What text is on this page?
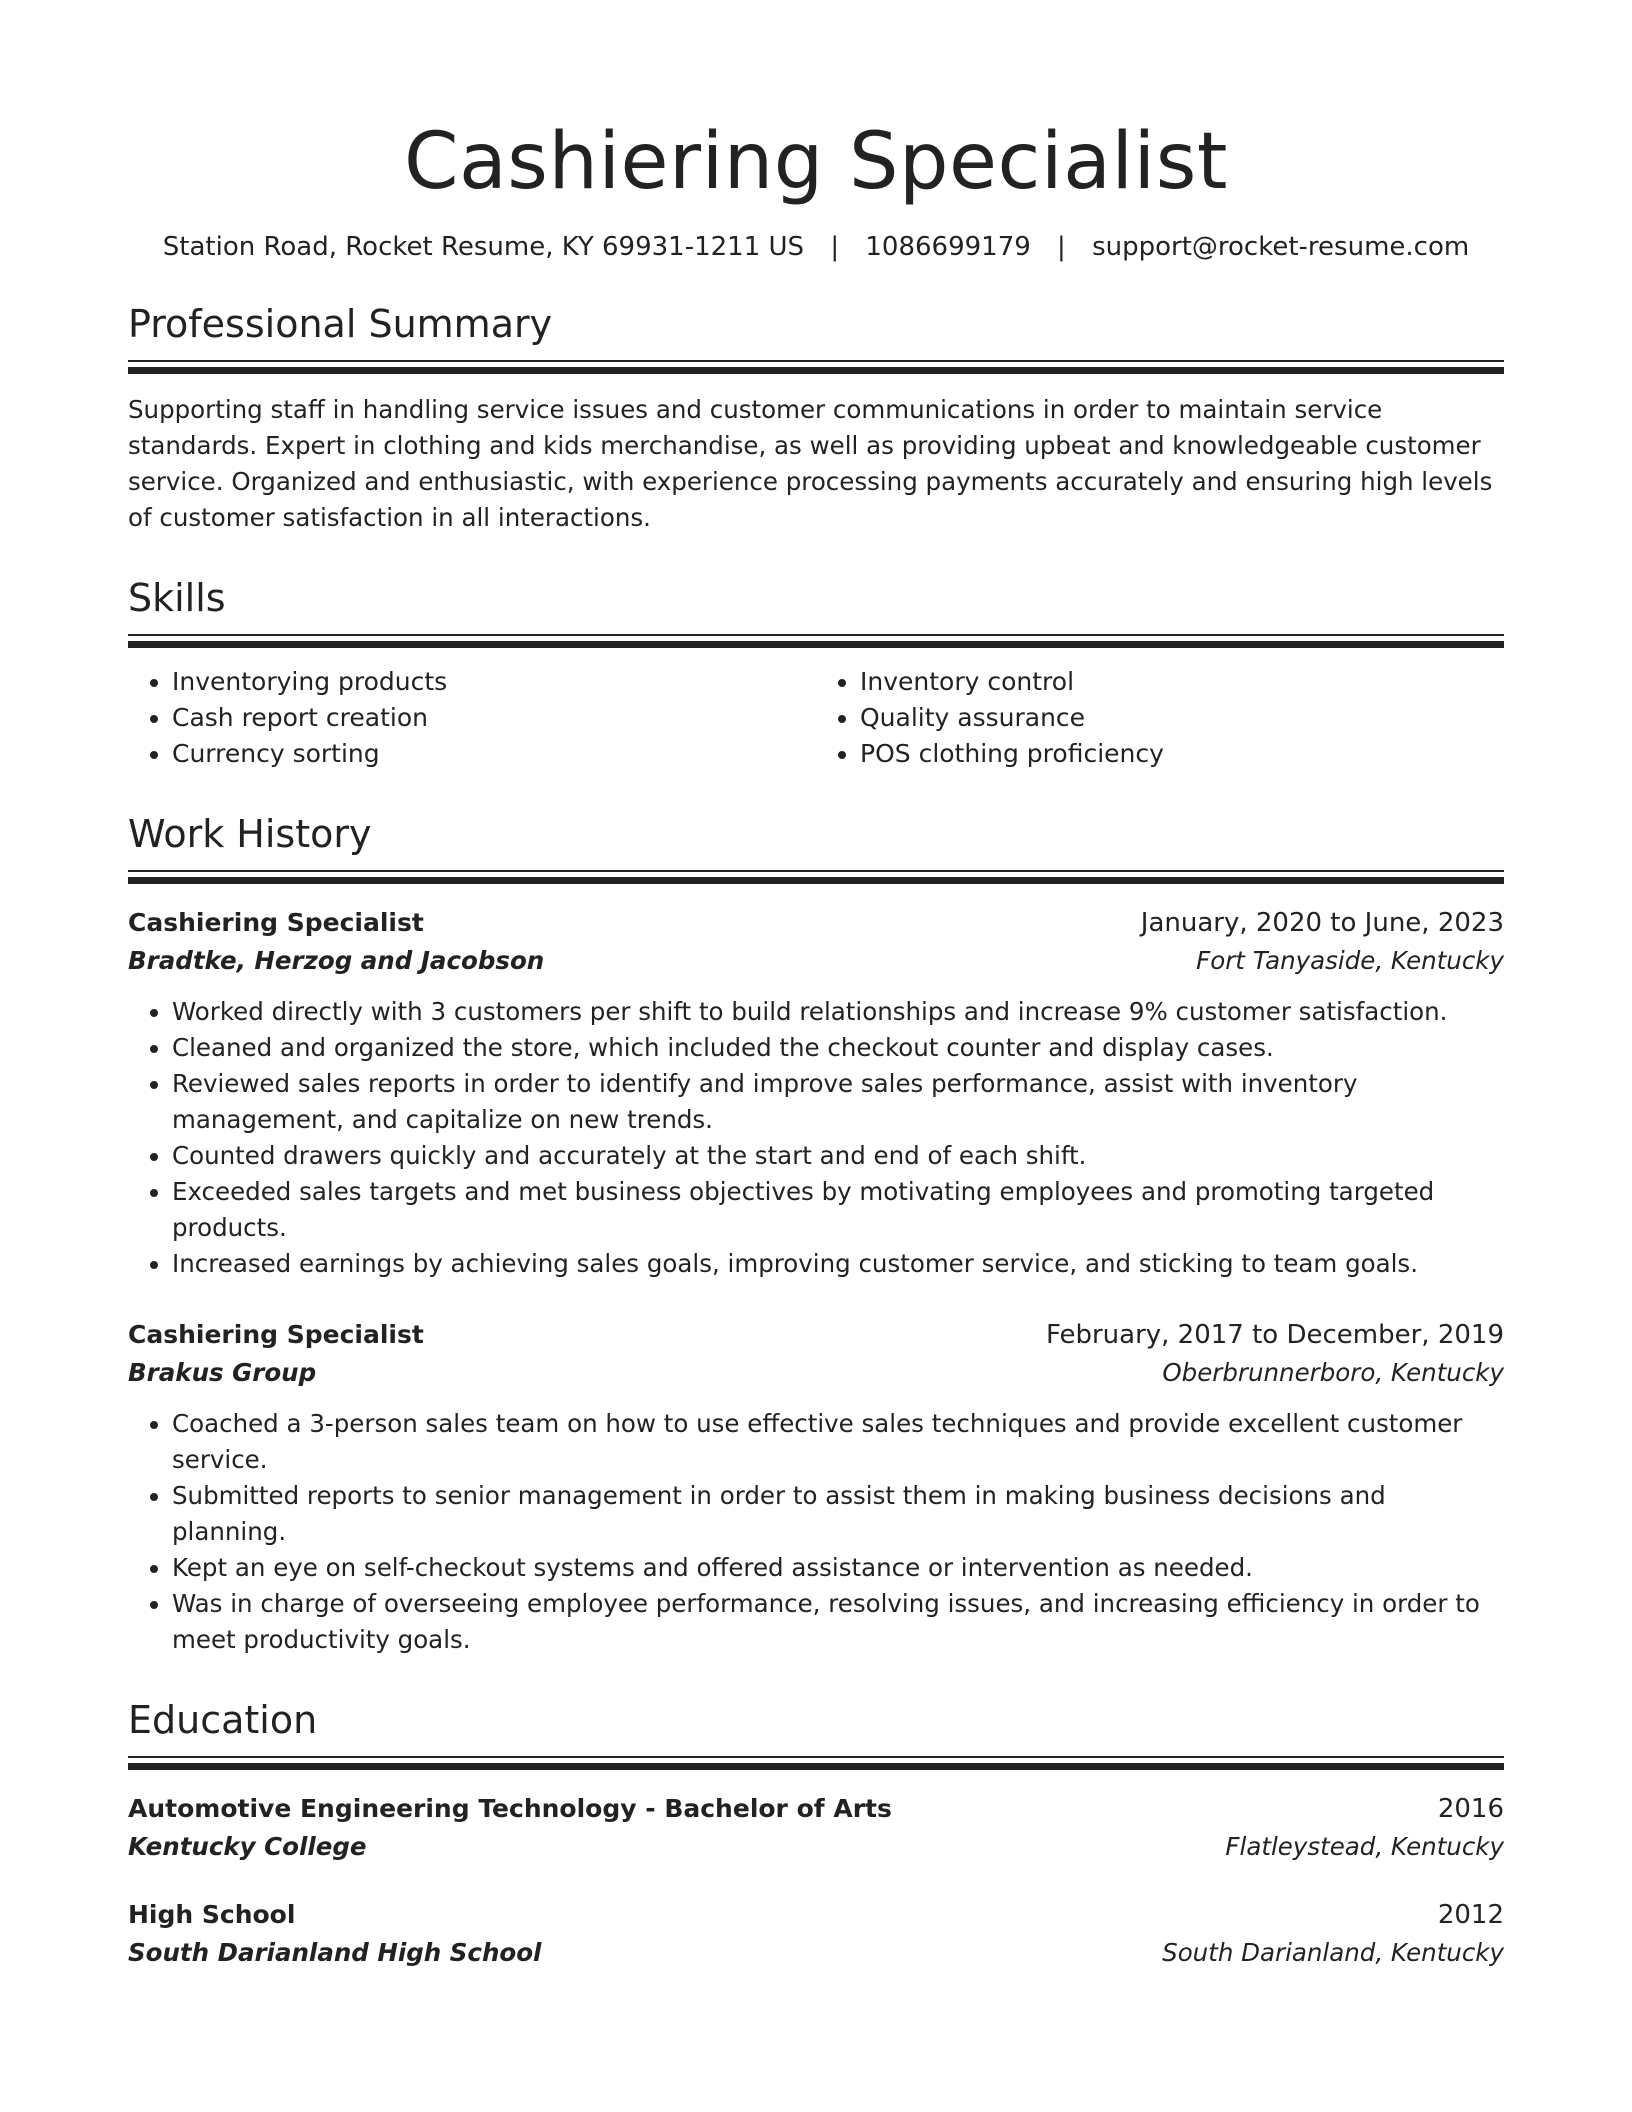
Cashiering Specialist
Station Road, Rocket Resume, KY 69931-1211 US | 1086699179 | support@rocket-resume.com
Professional Summary
Supporting staff in handling service issues and customer communications in order to maintain service standards. Expert in clothing and kids merchandise, as well as providing upbeat and knowledgeable customer service. Organized and enthusiastic, with experience processing payments accurately and ensuring high levels of customer satisfaction in all interactions.
Skills
• Inventorying products
• Cash report creation
• Currency sorting
• Inventory control
• Quality assurance
• POS clothing proficiency
Work History
Cashiering Specialist	January, 2020 to June, 2023
Bradtke, Herzog and Jacobson	Fort Tanyaside, Kentucky
• Worked directly with 3 customers per shift to build relationships and increase 9% customer satisfaction.
• Cleaned and organized the store, which included the checkout counter and display cases.
• Reviewed sales reports in order to identify and improve sales performance, assist with inventory management, and capitalize on new trends.
• Counted drawers quickly and accurately at the start and end of each shift.
• Exceeded sales targets and met business objectives by motivating employees and promoting targeted products.
• Increased earnings by achieving sales goals, improving customer service, and sticking to team goals.
Cashiering Specialist	February, 2017 to December, 2019
Brakus Group	Oberbrunnerboro, Kentucky
• Coached a 3-person sales team on how to use effective sales techniques and provide excellent customer service.
• Submitted reports to senior management in order to assist them in making business decisions and planning.
• Kept an eye on self-checkout systems and offered assistance or intervention as needed.
• Was in charge of overseeing employee performance, resolving issues, and increasing efficiency in order to meet productivity goals.
Education
Automotive Engineering Technology - Bachelor of Arts	2016
Kentucky College	Flatleystead, Kentucky
High School	2012
South Darianland High School	South Darianland, Kentucky
